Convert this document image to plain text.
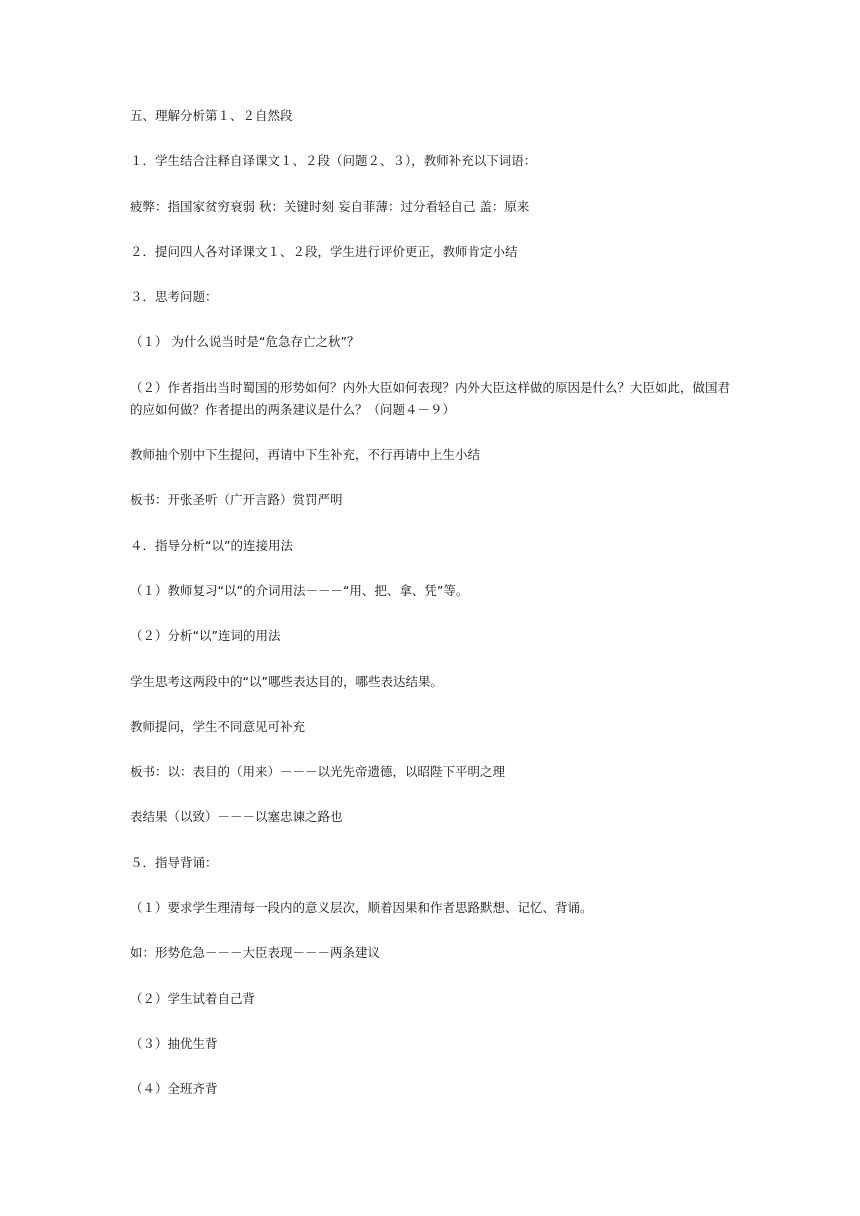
五、理解分析第１、２自然段

１．学生结合注释自译课文１、２段（问题２、３），教师补充以下词语：

疲弊：指国家贫穷衰弱 秋：关键时刻 妄自菲薄：过分看轻自己 盖：原来

２．提问四人各对译课文１、２段，学生进行评价更正，教师肯定小结

３．思考问题：

（１） 为什么说当时是“危急存亡之秋”？

（２）作者指出当时蜀国的形势如何？内外大臣如何表现？内外大臣这样做的原因是什么？大臣如此，做国君的应如何做？作者提出的两条建议是什么？（问题４－９）

教师抽个别中下生提问，再请中下生补充，不行再请中上生小结

板书：开张圣听（广开言路）赏罚严明

４．指导分析“以”的连接用法

（１）教师复习“以”的介词用法－－－“用、把、拿、凭”等。

（２）分析“以”连词的用法

学生思考这两段中的“以”哪些表达目的，哪些表达结果。

教师提问，学生不同意见可补充

板书：以：表目的（用来）－－－以光先帝遗德，以昭陛下平明之理

表结果（以致）－－－以塞忠谏之路也

５．指导背诵：

（１）要求学生理清每一段内的意义层次，顺着因果和作者思路默想、记忆、背诵。

如：形势危急－－－大臣表现－－－两条建议

（２）学生试着自己背

（３）抽优生背

（４）全班齐背
